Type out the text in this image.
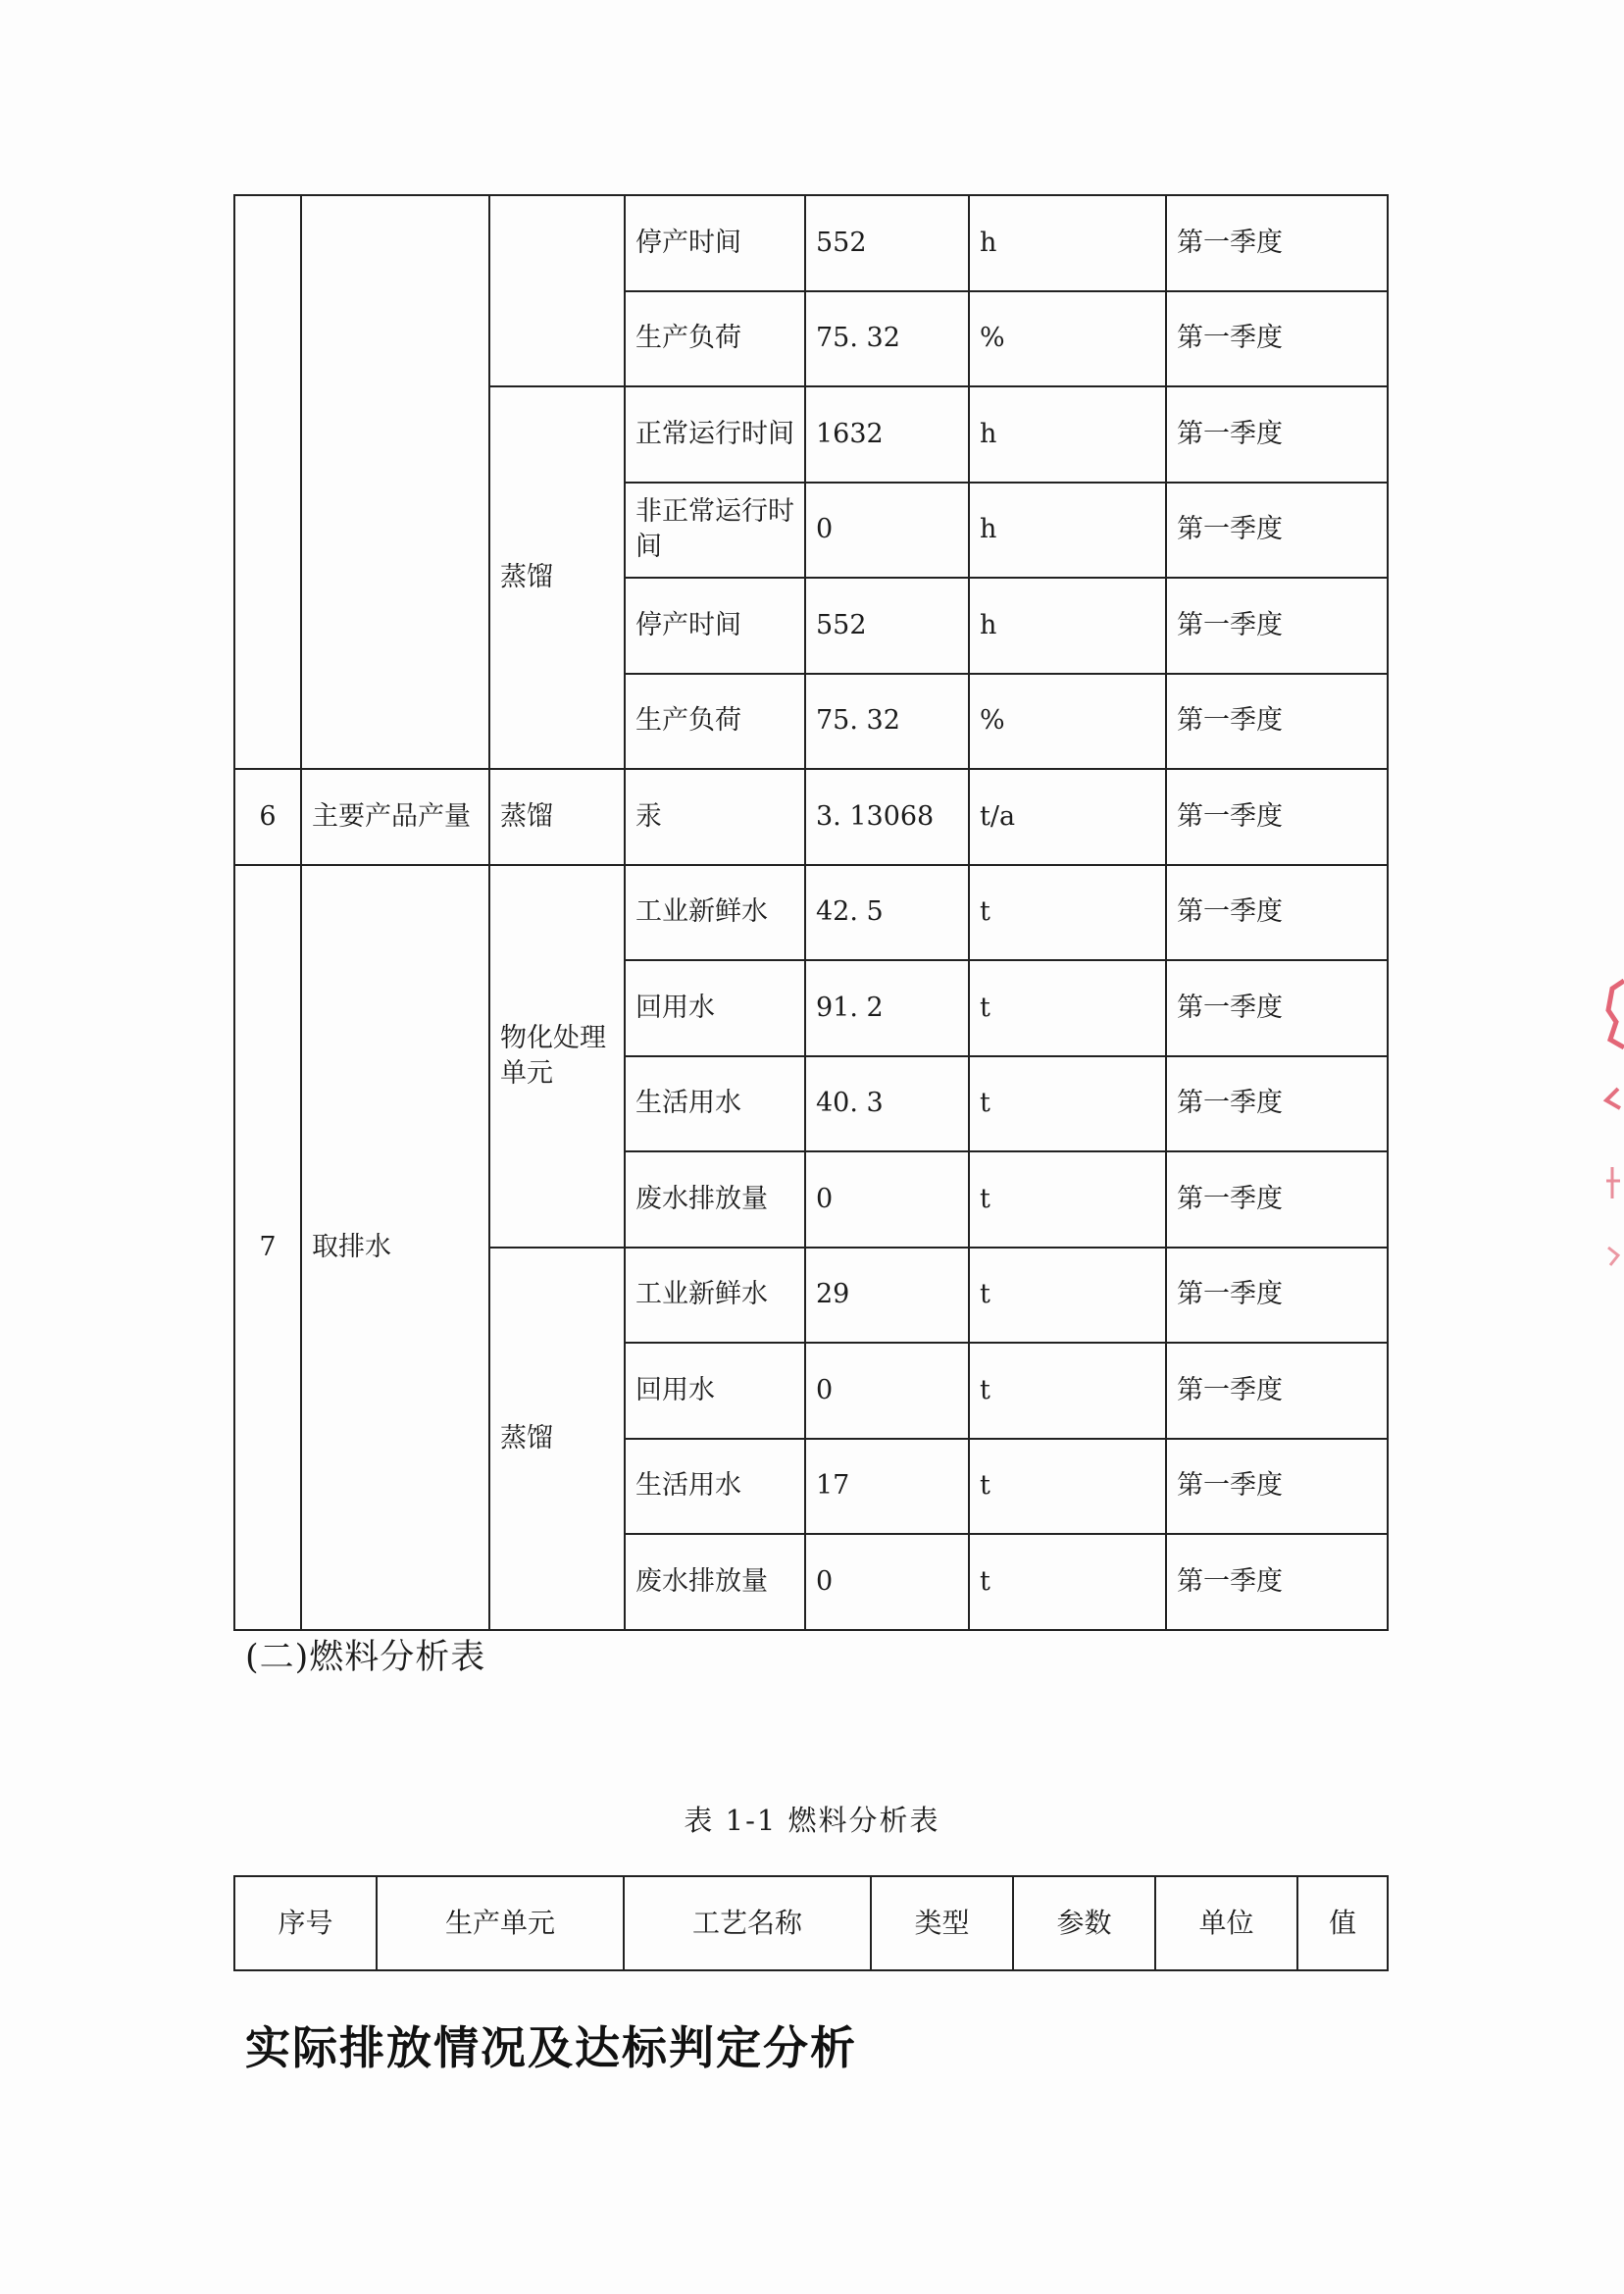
			停产时间	552	h	第一季度
			生产负荷	75. 32	%	第一季度
		蒸馏	正常运行时间	1632	h	第一季度
			非正常运行时间	0	h	第一季度
			停产时间	552	h	第一季度
			生产负荷	75. 32	%	第一季度
6	主要产品产量	蒸馏	汞	3. 13068	t/a	第一季度
7	取排水	物化处理单元	工业新鲜水	42. 5	t	第一季度
			回用水	91. 2	t	第一季度
			生活用水	40. 3	t	第一季度
			废水排放量	0	t	第一季度
		蒸馏	工业新鲜水	29	t	第一季度
			回用水	0	t	第一季度
			生活用水	17	t	第一季度
			废水排放量	0	t	第一季度
(二)燃料分析表
表 1-1 燃料分析表
序号	生产单元	工艺名称	类型	参数	单位	值
实际排放情况及达标判定分析
